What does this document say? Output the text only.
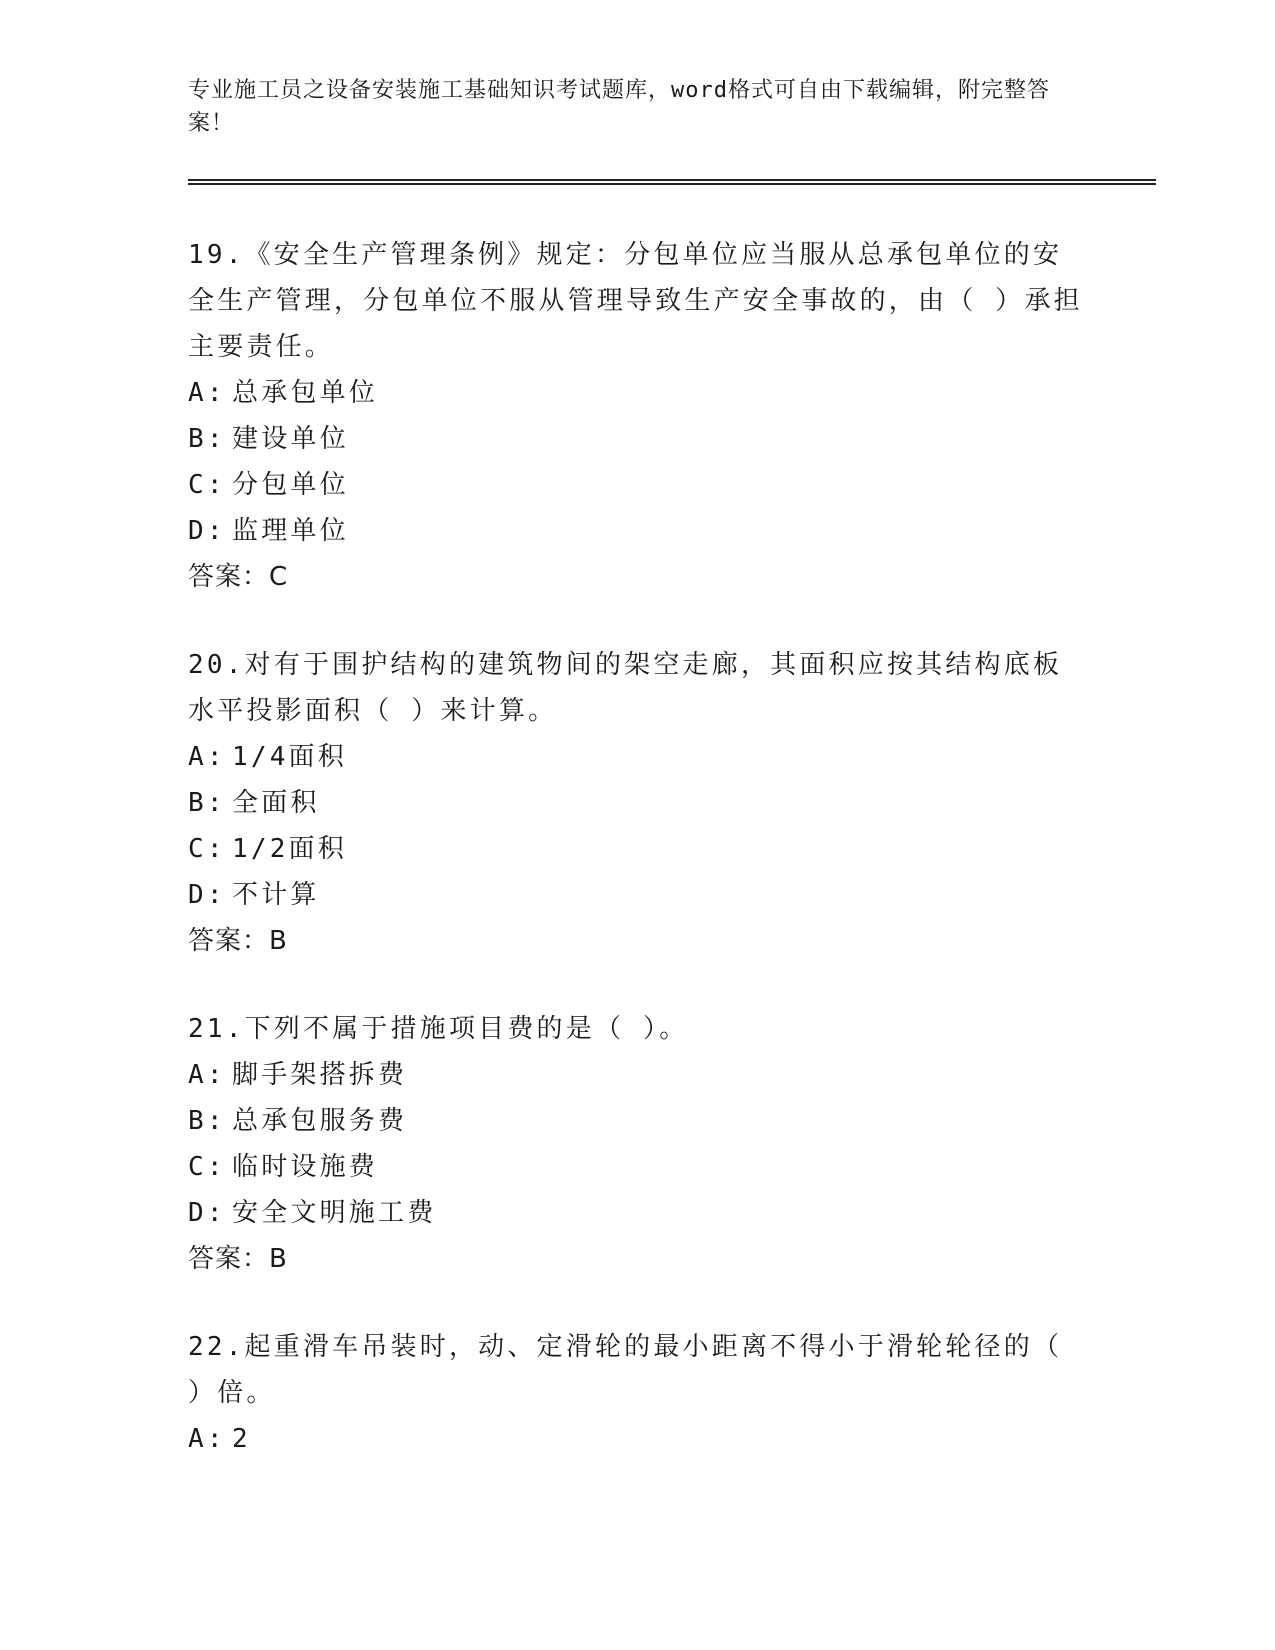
专业施工员之设备安装施工基础知识考试题库，word格式可自由下载编辑，附完整答案！
19.《安全生产管理条例》规定：分包单位应当服从总承包单位的安全生产管理，分包单位不服从管理导致生产安全事故的，由（ ）承担主要责任。
A: 总承包单位
B: 建设单位
C: 分包单位
D: 监理单位
答案：C
20.对有于围护结构的建筑物间的架空走廊，其面积应按其结构底板水平投影面积（ ）来计算。
A: 1/4面积
B: 全面积
C: 1/2面积
D: 不计算
答案：B
21.下列不属于措施项目费的是（ ）。
A: 脚手架搭拆费
B: 总承包服务费
C: 临时设施费
D: 安全文明施工费
答案：B
22.起重滑车吊装时，动、定滑轮的最小距离不得小于滑轮轮径的（ ）倍。
A: 2
